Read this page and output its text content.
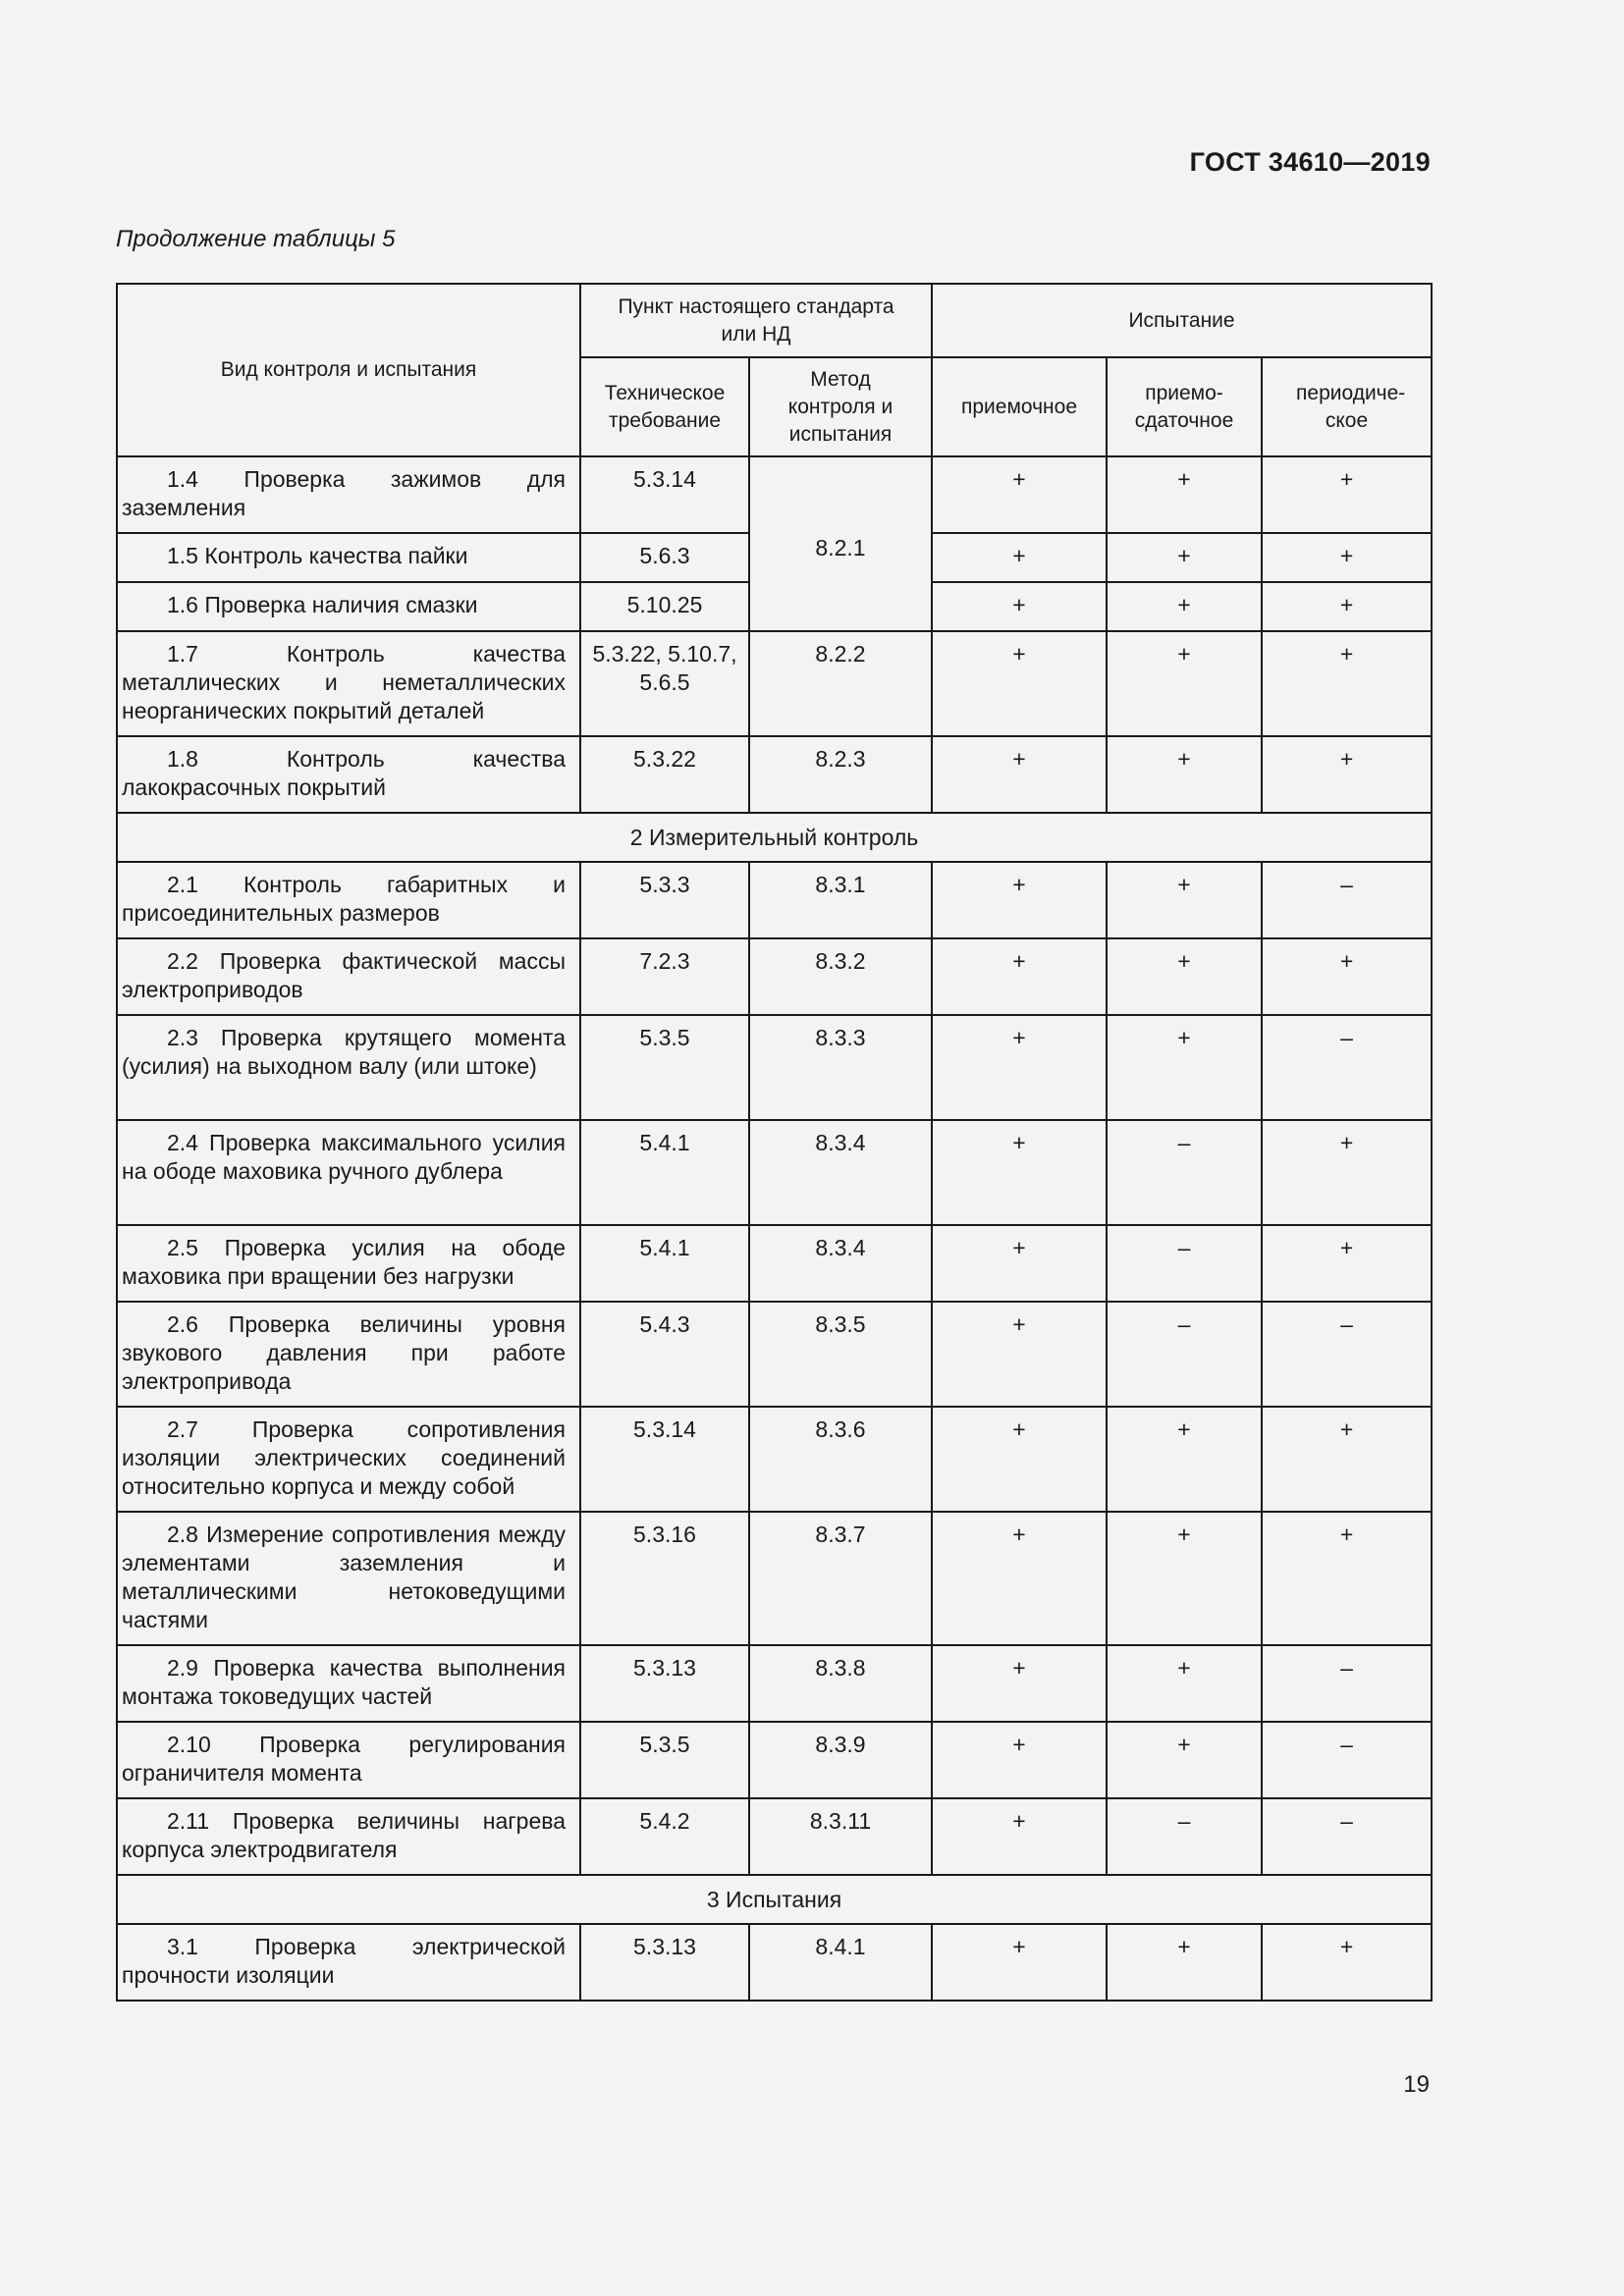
ГОСТ 34610—2019
Продолжение таблицы 5
Вид контроля и испытания	Пункт настоящего стандарта или НД		Испытание		
	Техническое требование	Метод контроля и испытания	приемочное	приемо-сдаточное	периодиче-ское
1.4 Проверка зажимов для заземления	5.3.14	8.2.1	+	+	+
1.5 Контроль качества пайки	5.6.3		+	+	+
1.6 Проверка наличия смазки	5.10.25		+	+	+
1.7 Контроль качества металлических и неметаллических неорганических покрытий деталей	5.3.22, 5.10.7, 5.6.5	8.2.2	+	+	+
1.8 Контроль качества лакокрасочных покрытий	5.3.22	8.2.3	+	+	+
2 Измерительный контроль					
2.1 Контроль габаритных и присоединительных размеров	5.3.3	8.3.1	+	+	–
2.2 Проверка фактической массы электроприводов	7.2.3	8.3.2	+	+	+
2.3 Проверка крутящего момента (усилия) на выходном валу (или штоке)	5.3.5	8.3.3	+	+	–
2.4 Проверка максимального усилия на ободе маховика ручного дублера	5.4.1	8.3.4	+	–	+
2.5 Проверка усилия на ободе маховика при вращении без нагрузки	5.4.1	8.3.4	+	–	+
2.6 Проверка величины уровня звукового давления при работе электропривода	5.4.3	8.3.5	+	–	–
2.7 Проверка сопротивления изоляции электрических соединений относительно корпуса и между собой	5.3.14	8.3.6	+	+	+
2.8 Измерение сопротивления между элементами заземления и металлическими нетоковедущими частями	5.3.16	8.3.7	+	+	+
2.9 Проверка качества выполнения монтажа токоведущих частей	5.3.13	8.3.8	+	+	–
2.10 Проверка регулирования ограничителя момента	5.3.5	8.3.9	+	+	–
2.11 Проверка величины нагрева корпуса электродвигателя	5.4.2	8.3.11	+	–	–
3 Испытания					
3.1 Проверка электрической прочности изоляции	5.3.13	8.4.1	+	+	+
19
